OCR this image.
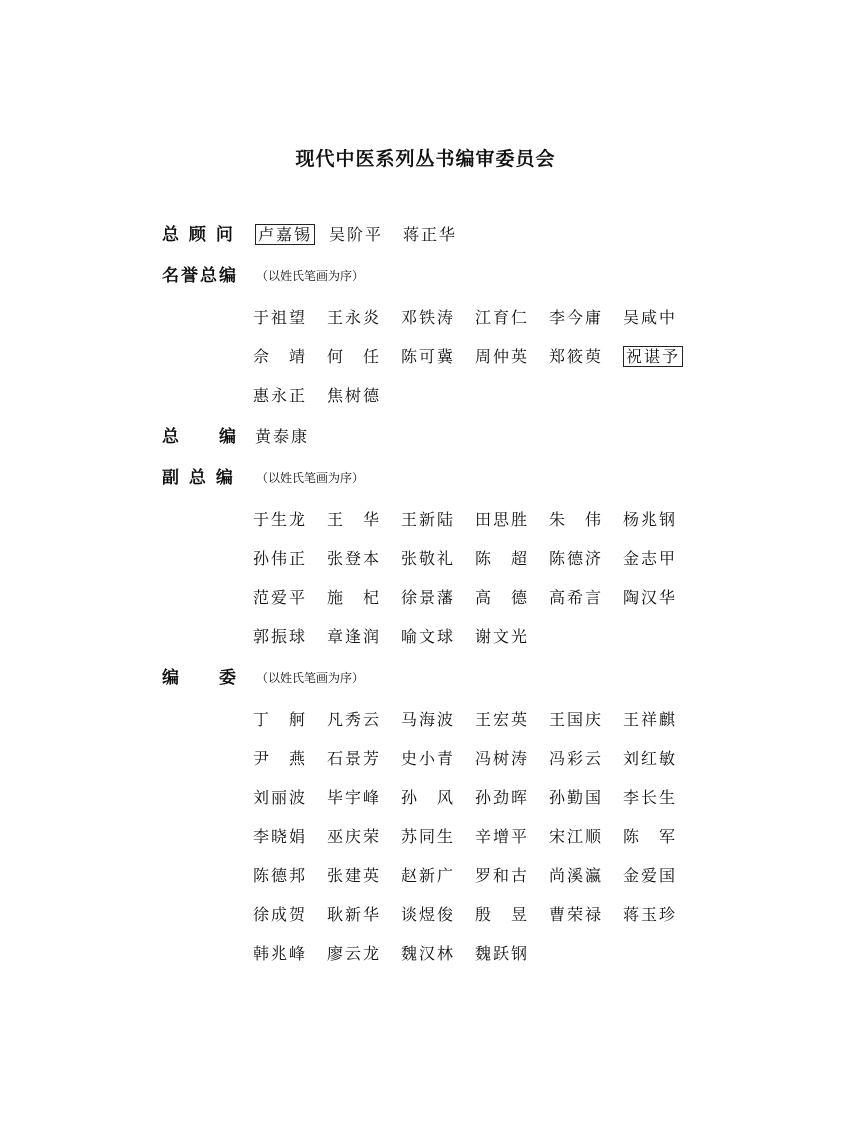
现代中医系列丛书编审委员会
总 顾 问 卢嘉锡 吴阶平 蒋正华
名誉总编 （以姓氏笔画为序）
于祖望 王永炎 邓铁涛 江育仁 李今庸 吴咸中
佘　靖 何　任 陈可冀 周仲英 郑筱萸 祝谌予
惠永正 焦树德
总　　编 黄泰康
副 总 编 （以姓氏笔画为序）
于生龙 王　华 王新陆 田思胜 朱　伟 杨兆钢
孙伟正 张登本 张敬礼 陈　超 陈德济 金志甲
范爱平 施　杞 徐景藩 高　德 高希言 陶汉华
郭振球 章逢润 喻文球 谢文光
编　　委 （以姓氏笔画为序）
丁　舸 凡秀云 马海波 王宏英 王国庆 王祥麒
尹　燕 石景芳 史小青 冯树涛 冯彩云 刘红敏
刘丽波 毕宇峰 孙　风 孙劲晖 孙勤国 李长生
李晓娟 巫庆荣 苏同生 辛增平 宋江顺 陈　军
陈德邦 张建英 赵新广 罗和古 尚溪瀛 金爱国
徐成贺 耿新华 谈煜俊 殷　昱 曹荣禄 蒋玉珍
韩兆峰 廖云龙 魏汉林 魏跃钢
